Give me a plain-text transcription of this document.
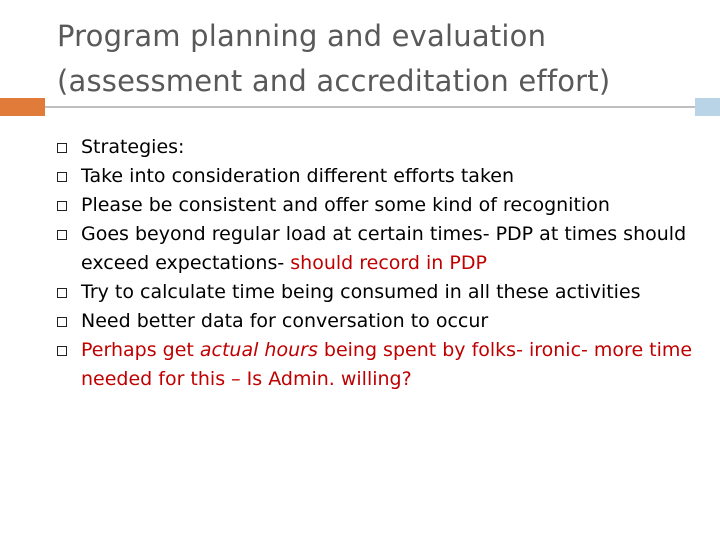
Program planning and evaluation
(assessment and accreditation effort)
Strategies:
Take into consideration different efforts taken
Please be consistent and offer some kind of recognition
Goes beyond regular load at certain times- PDP at times should exceed expectations- should record in PDP
Try to calculate time being consumed in all these activities
Need better data for conversation to occur
Perhaps get actual hours being spent by folks- ironic- more time needed for this – Is Admin. willing?
